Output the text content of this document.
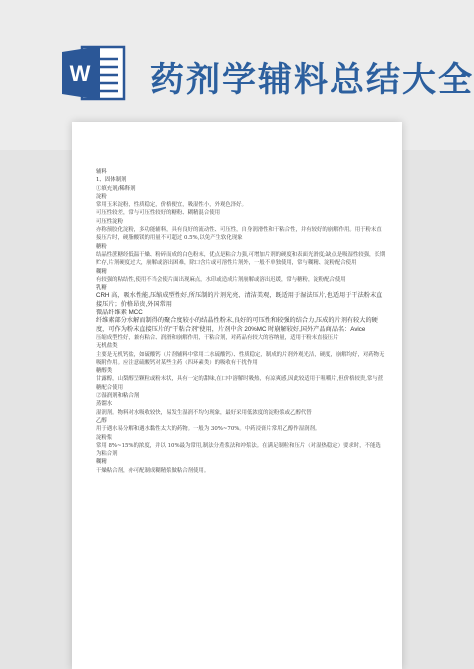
W 药剂学辅料总结大全
辅料
1、固体制剂
①填充剂/稀释剂
淀粉
常用玉米淀粉，性质稳定，价格便宜，吸湿性小，外观色泽好。
可压性较差，常与可压性较好的糖粉、糊精混合使用
可压性淀粉
亦称预胶化淀粉，多功能辅料，具有良好的流动性、可压性，自身润滑性和干粘合性，并有较好的崩解作用。用于粉末直接压片时，硬脂酸镁的用量不可超过 0.5%,以免产生软化现象
糖粉
结晶性蔗糖经低温干燥、粉碎而成的白色粉末，优点是粘合力强,可增加片剂的硬度和表面光滑度;缺点是吸湿性较强，长期贮存,片剂硬度过大，崩解或溶出困难，除口含片或可溶性片剂外，一般不单独使用，常与糊精、淀粉配合使用
糊精
有较强的粘结性,使用不当会使片面出现麻点，水印或造成片剂崩解或溶出迟缓，常与糖粉，淀粉配合使用
乳糖
CRH 高，吸水性能,压缩成型性好,所压制的片剂光亮、清洁美观，既适用于湿法压片,也适用于干法粉末直接压片；价格昂贵,外国常用
微晶纤维素 MCC
纤维素部分水解而制得的聚合度较小的结晶性粉末,良好的可压性和较强的结合力,压成的片剂有较大的硬度，可作为粉末直接压片的"干粘合剂"使用，片剂中含 20%MC 时崩解较好,国外产品商品名：Avice
压缩成型性好，兼有粘合、润滑和崩解作用，干粘合剂，对药品有较大的容纳量，适用于粉末直接压片
无机盐类
主要是无机钙盐，如硫酸钙（片剂辅料中常用二水硫酸钙）、性质稳定，制成的片剂外观光洁，硬度，崩解均好，对药物无吸附作用。应注意硫酸钙对某些主药（四环素类）的吸收有干扰作用
糖醇类
甘露醇，山梨醇呈颗粒或粉末状，具有一定的甜味,在口中溶解时吸热，有凉爽感,因此较适用于咀嚼片,但价格较贵,常与蔗糖配合使用
②湿润剂和粘合剂
蒸馏水
湿润剂。物料对水吸收较快，易发生湿润不均匀现象，最好采用低浓度的淀粉浆或乙醇代替
乙醇
用于遇水易分解和遇水黏性太大的药物。一般为 30%~70%。中药浸膏片常用乙醇作湿润剂。
淀粉浆
常用 8%~15%的浓度，并以 10%最为常用,制法分煮浆法和冲浆法。在满足制粒和压片（对湿热稳定）要求时，不能选为粘合剂
糊精
干燥粘合剂，亦可配制成糊精浆做粘合剂使用。
